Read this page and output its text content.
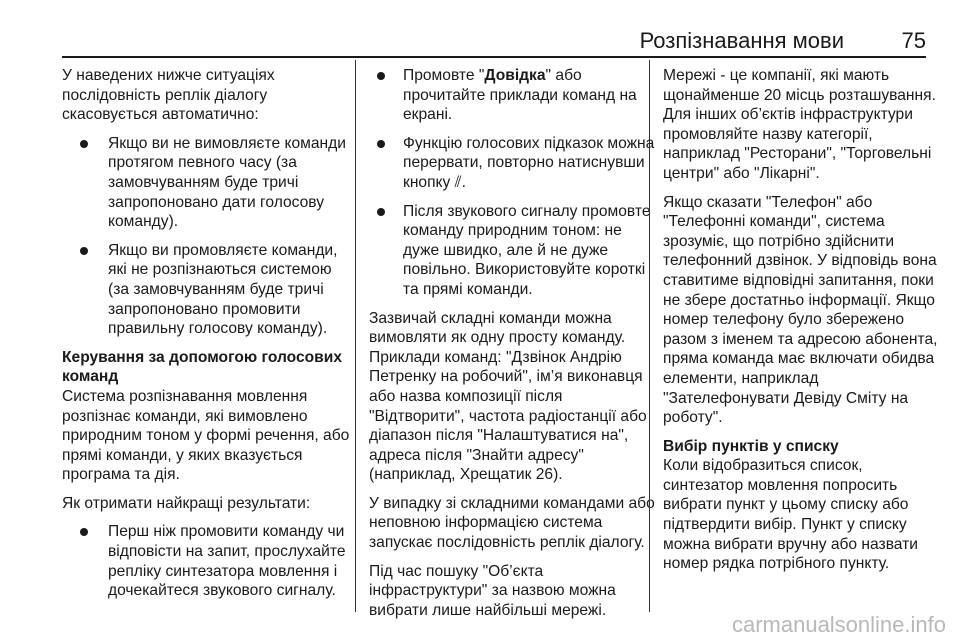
Розпізнавання мови	75

У наведених нижче ситуаціях послідовність реплік діалогу скасовується автоматично:

Якщо ви не вимовляєте команди протягом певного часу (за замовчуванням буде тричі запропоновано дати голосову команду).
Якщо ви промовляєте команди, які не розпізнаються системою (за замовчуванням буде тричі запропоновано промовити правильну голосову команду).

Керування за допомогою голосових команд

Система розпізнавання мовлення розпізнає команди, які вимовлено природним тоном у формі речення, або прямі команди, у яких вказується програма та дія.

Як отримати найкращі результати:

Перш ніж промовити команду чи відповісти на запит, прослухайте репліку синтезатора мовлення і дочекайтеся звукового сигналу.
Промовте "Довідка" або прочитайте приклади команд на екрані.
Функцію голосових підказок можна перервати, повторно натиснувши кнопку ⫽.
Після звукового сигналу промовте команду природним тоном: не дуже швидко, але й не дуже повільно. Використовуйте короткі та прямі команди.

Зазвичай складні команди можна вимовляти як одну просту команду. Приклади команд: "Дзвінок Андрію Петренку на робочий", ім’я виконавця або назва композиції після "Відтворити", частота радіостанції або діапазон після "Налаштуватися на", адреса після "Знайти адресу" (наприклад, Хрещатик 26).

У випадку зі складними командами або неповною інформацією система запускає послідовність реплік діалогу.

Під час пошуку "Об’єкта інфраструктури" за назвою можна вибрати лише найбільші мережі.

Мережі - це компанії, які мають щонайменше 20 місць розташування. Для інших об’єктів інфраструктури промовляйте назву категорії, наприклад "Ресторани", "Торговельні центри" або "Лікарні".

Якщо сказати "Телефон" або "Телефонні команди", система зрозуміє, що потрібно здійснити телефонний дзвінок. У відповідь вона ставитиме відповідні запитання, поки не збере достатньо інформації. Якщо номер телефону було збережено разом з іменем та адресою абонента, пряма команда має включати обидва елементи, наприклад "Зателефонувати Девіду Сміту на роботу".

Вибір пунктів у списку

Коли відобразиться список, синтезатор мовлення попросить вибрати пункт у цьому списку або підтвердити вибір. Пункт у списку можна вибрати вручну або назвати номер рядка потрібного пункту.

carmanualsonline.info
